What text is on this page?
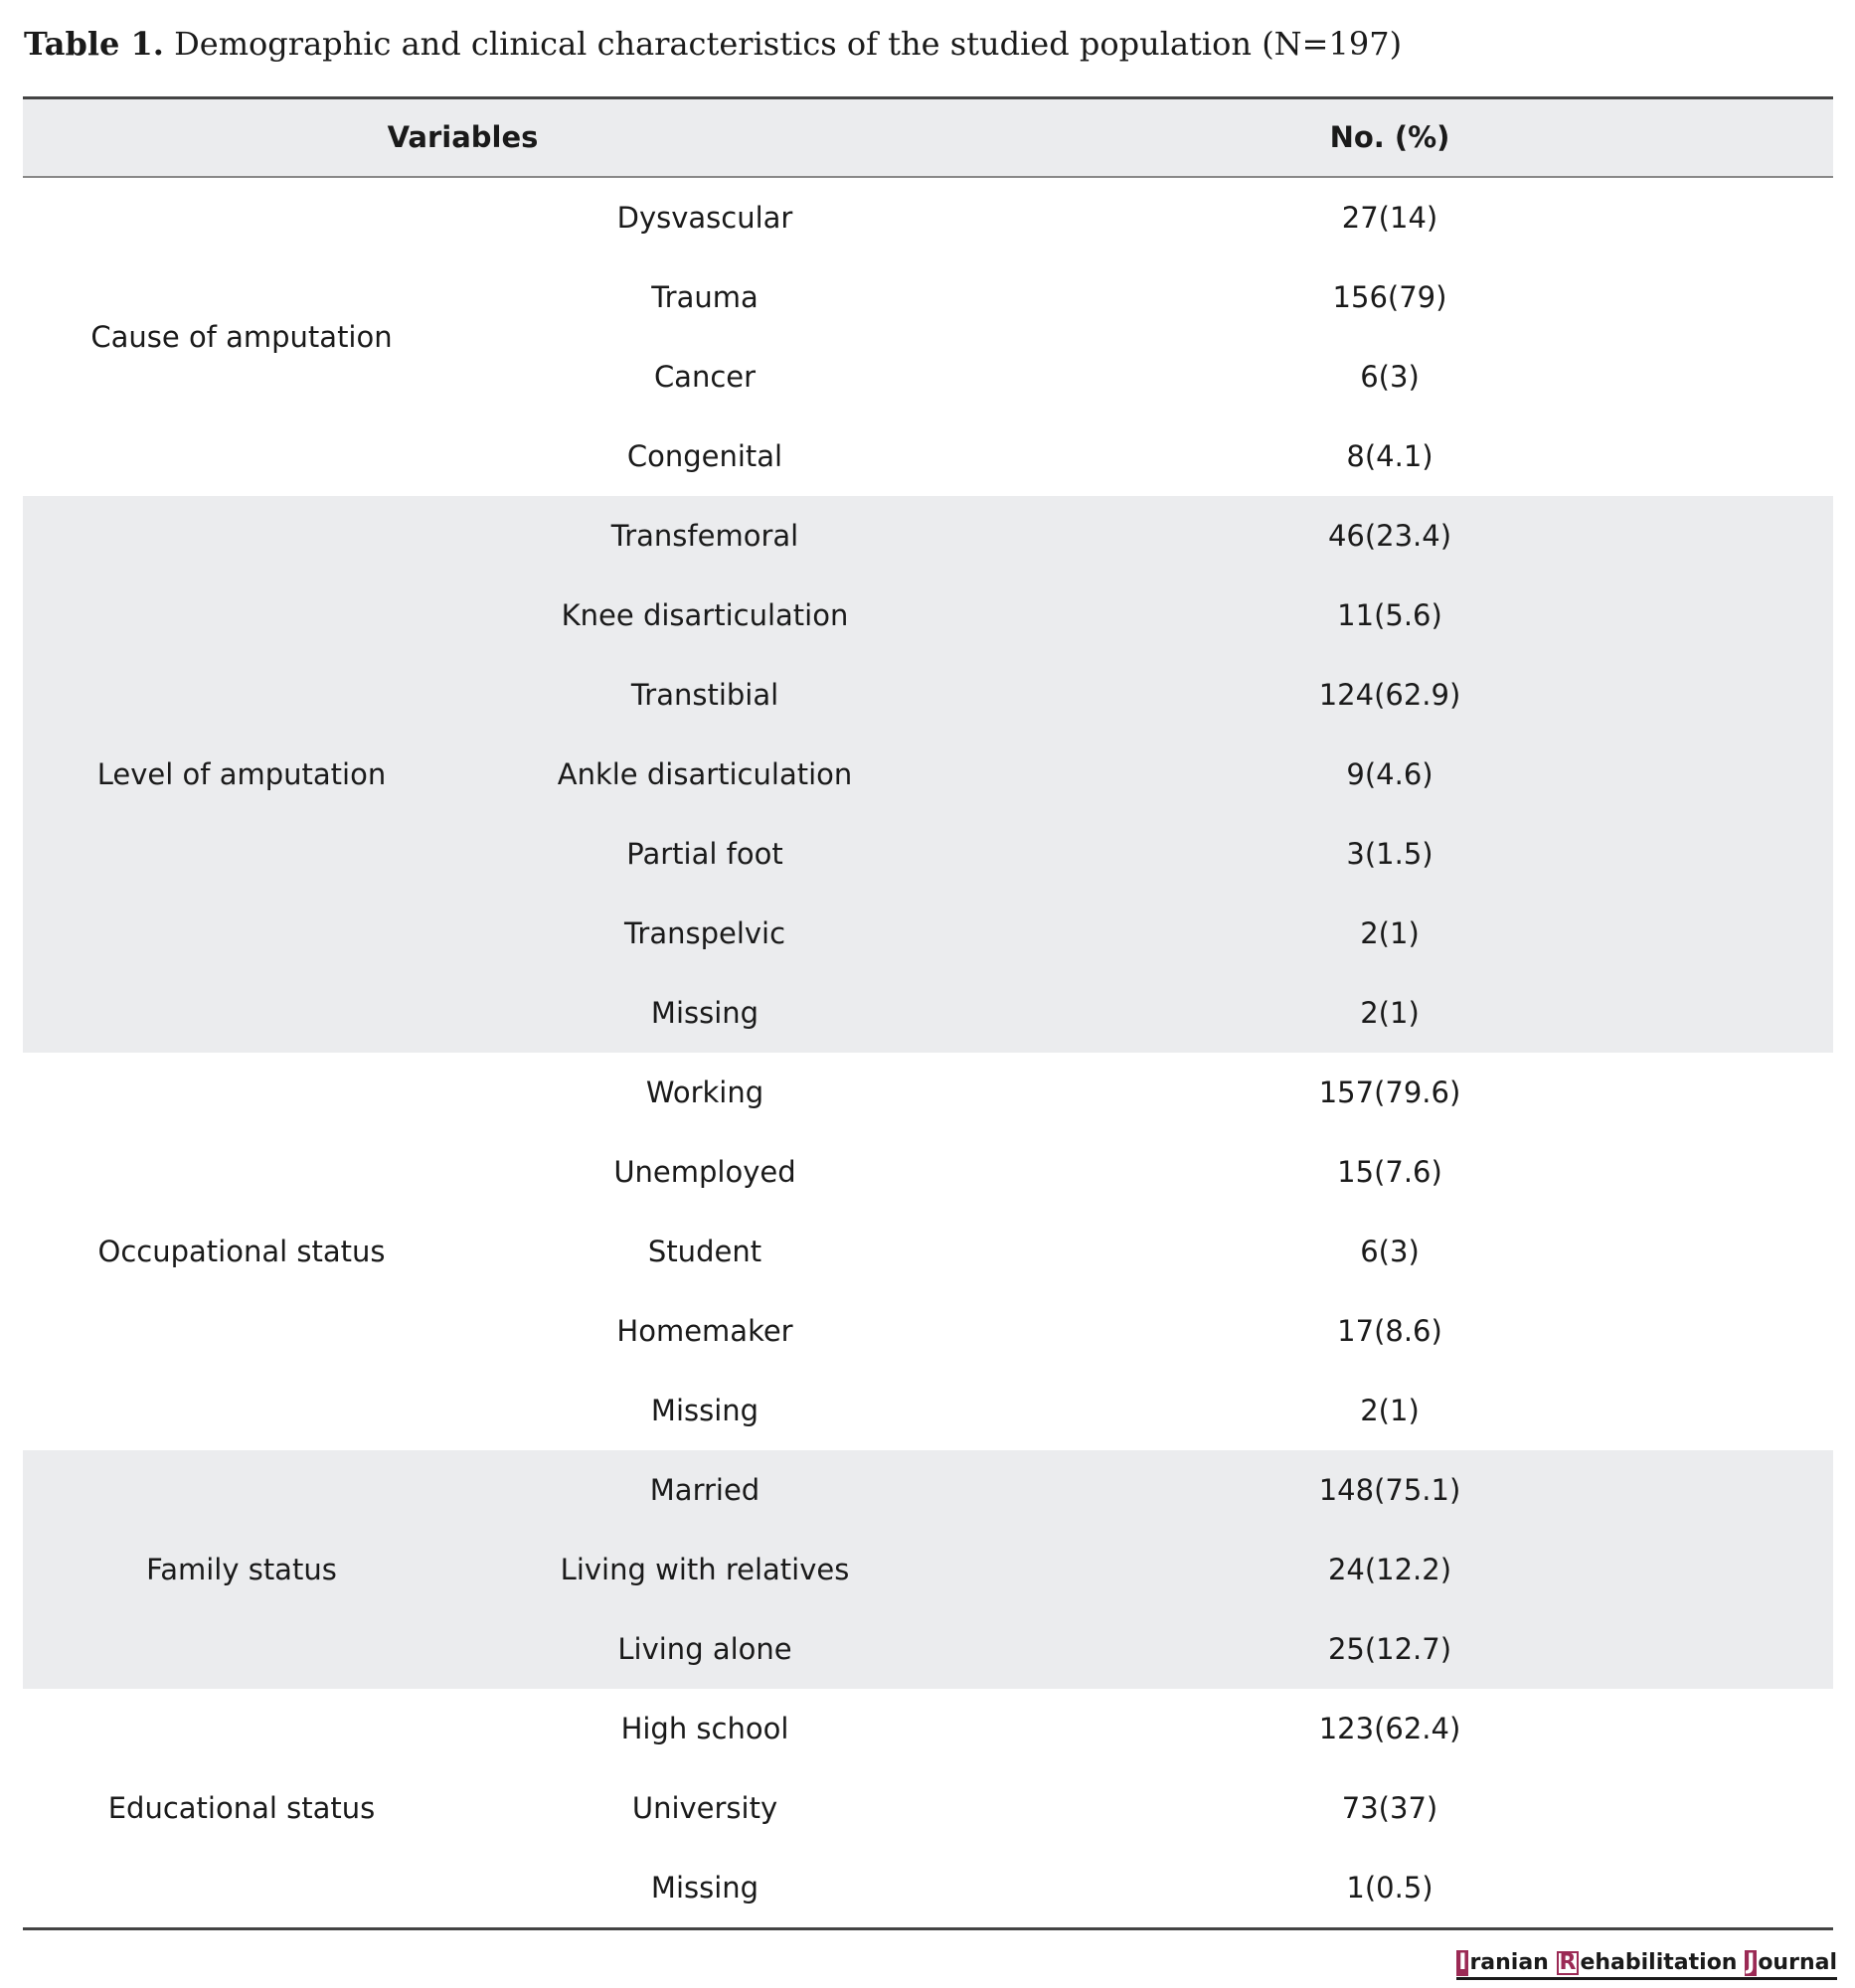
Table 1. Demographic and clinical characteristics of the studied population (N=197)
Variables	No. (%)
Cause of amputation
Dysvascular	27(14)
Trauma	156(79)
Cancer	6(3)
Congenital	8(4.1)
Level of amputation
Transfemoral	46(23.4)
Knee disarticulation	11(5.6)
Transtibial	124(62.9)
Ankle disarticulation	9(4.6)
Partial foot	3(1.5)
Transpelvic	2(1)
Missing	2(1)
Occupational status
Working	157(79.6)
Unemployed	15(7.6)
Student	6(3)
Homemaker	17(8.6)
Missing	2(1)
Family status
Married	148(75.1)
Living with relatives	24(12.2)
Living alone	25(12.7)
Educational status
High school	123(62.4)
University	73(37)
Missing	1(0.5)
I ranian R ehabilitation J ournal
